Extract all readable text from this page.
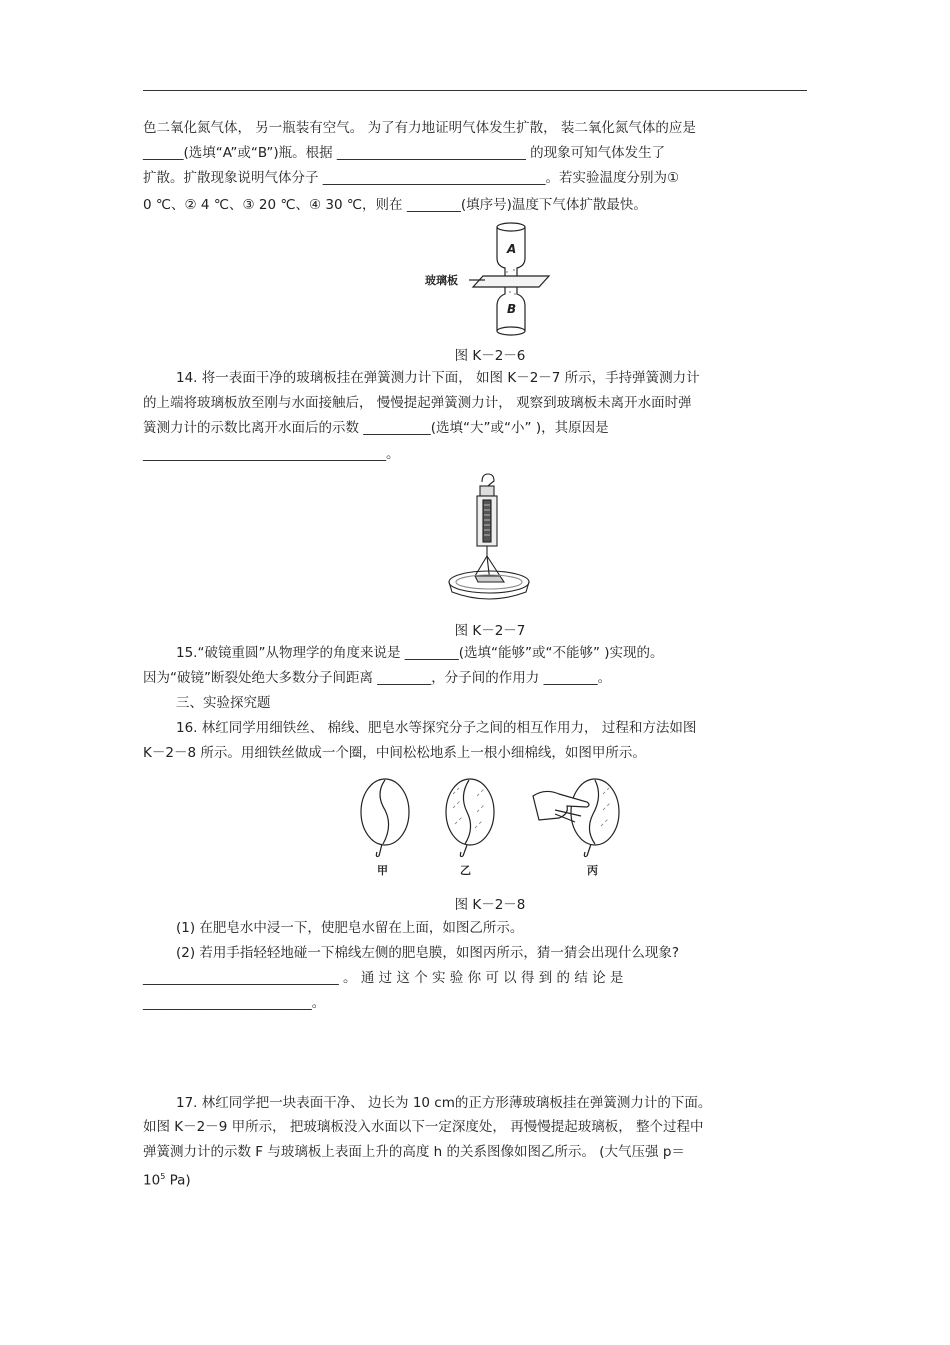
色二氧化氮气体， 另一瓶装有空气。 为了有力地证明气体发生扩散， 装二氧化氮气体的应是
______(选填“A”或“B”)瓶。根据 ____________________________ 的现象可知气体发生了
扩散。扩散现象说明气体分子 _________________________________。若实验温度分别为①
0 ℃、② 4 ℃、③ 20 ℃、④ 30 ℃，则在 ________(填序号)温度下气体扩散最快。
玻璃板
A
B
图 K－2－6
14. 将一表面干净的玻璃板挂在弹簧测力计下面， 如图 K－2－7 所示，手持弹簧测力计
的上端将玻璃板放至刚与水面接触后， 慢慢提起弹簧测力计， 观察到玻璃板未离开水面时弹
簧测力计的示数比离开水面后的示数 __________(选填“大”或“小” )，其原因是
____________________________________。
图 K－2－7
15.“破镜重圆”从物理学的角度来说是 ________(选填“能够”或“不能够” )实现的。
因为“破镜”断裂处绝大多数分子间距离 ________，分子间的作用力 ________。
三、实验探究题
16. 林红同学用细铁丝、 棉线、肥皂水等探究分子之间的相互作用力， 过程和方法如图
K－2－8 所示。用细铁丝做成一个圈，中间松松地系上一根小细棉线，如图甲所示。
甲	乙	丙
图 K－2－8
(1) 在肥皂水中浸一下，使肥皂水留在上面，如图乙所示。
(2) 若用手指轻轻地碰一下棉线左侧的肥皂膜，如图丙所示，猜一猜会出现什么现象?
_____________________________ 。 通 过 这 个 实 验 你 可 以 得 到 的 结 论 是
_________________________。
17. 林红同学把一块表面干净、 边长为 10 cm的正方形薄玻璃板挂在弹簧测力计的下面。
如图 K－2－9 甲所示， 把玻璃板没入水面以下一定深度处， 再慢慢提起玻璃板， 整个过程中
弹簧测力计的示数 F 与玻璃板上表面上升的高度 h 的关系图像如图乙所示。 (大气压强 p＝
$10^5$ Pa)
